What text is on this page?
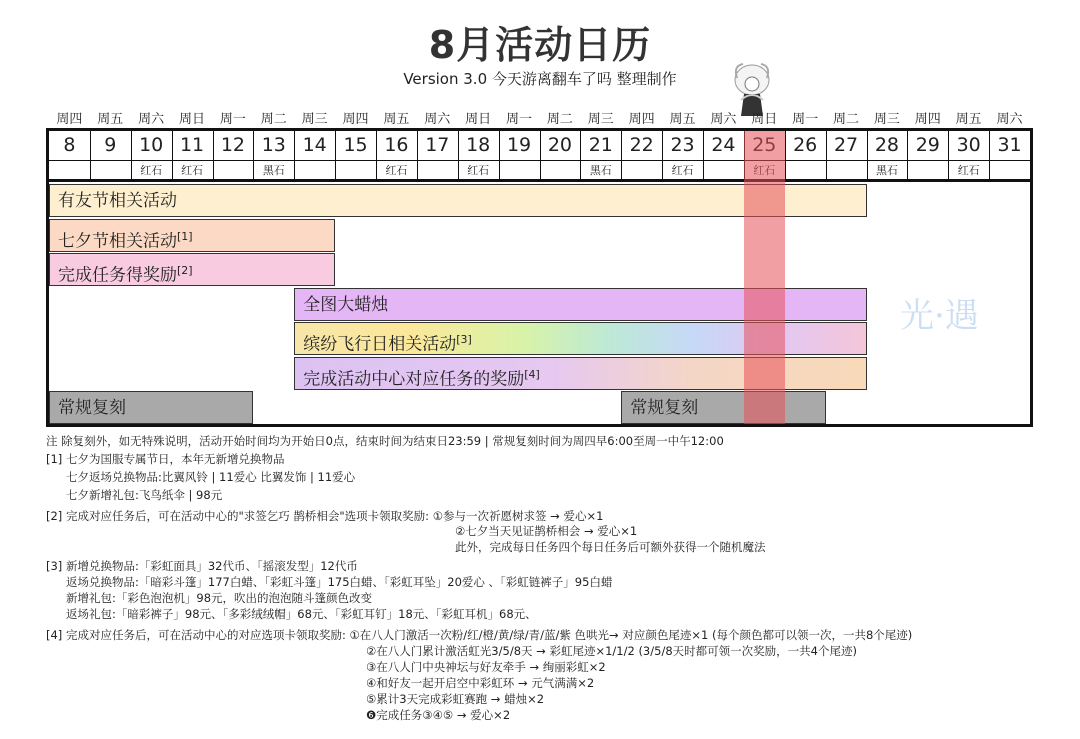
8月活动日历
Version 3.0 今天游离翻车了吗 整理制作
光·遇
注 除复刻外，如无特殊说明，活动开始时间均为开始日0点，结束时间为结束日23:59 | 常规复刻时间为周四早6:00至周一中午12:00
[1] 七夕为国服专属节日，本年无新增兑换物品
七夕返场兑换物品:比翼风铃 | 11爱心 比翼发饰 | 11爱心
七夕新增礼包:飞鸟纸伞 | 98元
[2] 完成对应任务后，可在活动中心的"求签乞巧 鹊桥相会"选项卡领取奖励: ①参与一次祈愿树求签 → 爱心×1
②七夕当天见证鹊桥相会 → 爱心×1
此外，完成每日任务四个每日任务后可额外获得一个随机魔法
[3] 新增兑换物品:「彩虹面具」32代币、「摇滚发型」12代币
返场兑换物品:「暗彩斗篷」177白蜡、「彩虹斗篷」175白蜡、「彩虹耳坠」20爱心 、「彩虹链裤子」95白蜡
新增礼包:「彩色泡泡机」98元，吹出的泡泡随斗篷颜色改变
返场礼包:「暗彩裤子」98元、「多彩绒绒帽」68元、「彩虹耳钉」18元、「彩虹耳机」68元、
[4] 完成对应任务后，可在活动中心的对应选项卡领取奖励: ①在八人门激活一次粉/红/橙/黄/绿/青/蓝/紫 色哄光→ 对应颜色尾迹×1 (每个颜色都可以领一次，一共8个尾迹)
②在八人门累计激活虹光3/5/8天 → 彩虹尾迹×1/1/2 (3/5/8天时都可领一次奖励，一共4个尾迹)
③在八人门中央神坛与好友牵手 → 绚丽彩虹×2
④和好友一起开启空中彩虹环 → 元气满满×2
⑤累计3天完成彩虹赛跑 → 蜡烛×2
❻完成任务③④⑤ → 爱心×2
周四
8
周五
9
周六
10
红石
周日
11
红石
周一
12
周二
13
黑石
周三
14
周四
15
周五
16
红石
周六
17
周日
18
红石
周一
19
周二
20
周三
21
黑石
周四
22
周五
23
红石
周六
24
周日	周一
26
周二
27
周三
28
黑石
周四
29
周五
30
红石
周六
31
有友节相关活动
七夕节相关活动[1]
完成任务得奖励[2]
全图大蜡烛
缤纷飞行日相关活动[3]
完成活动中心对应任务的奖励[4]
常规复刻	常规复刻
